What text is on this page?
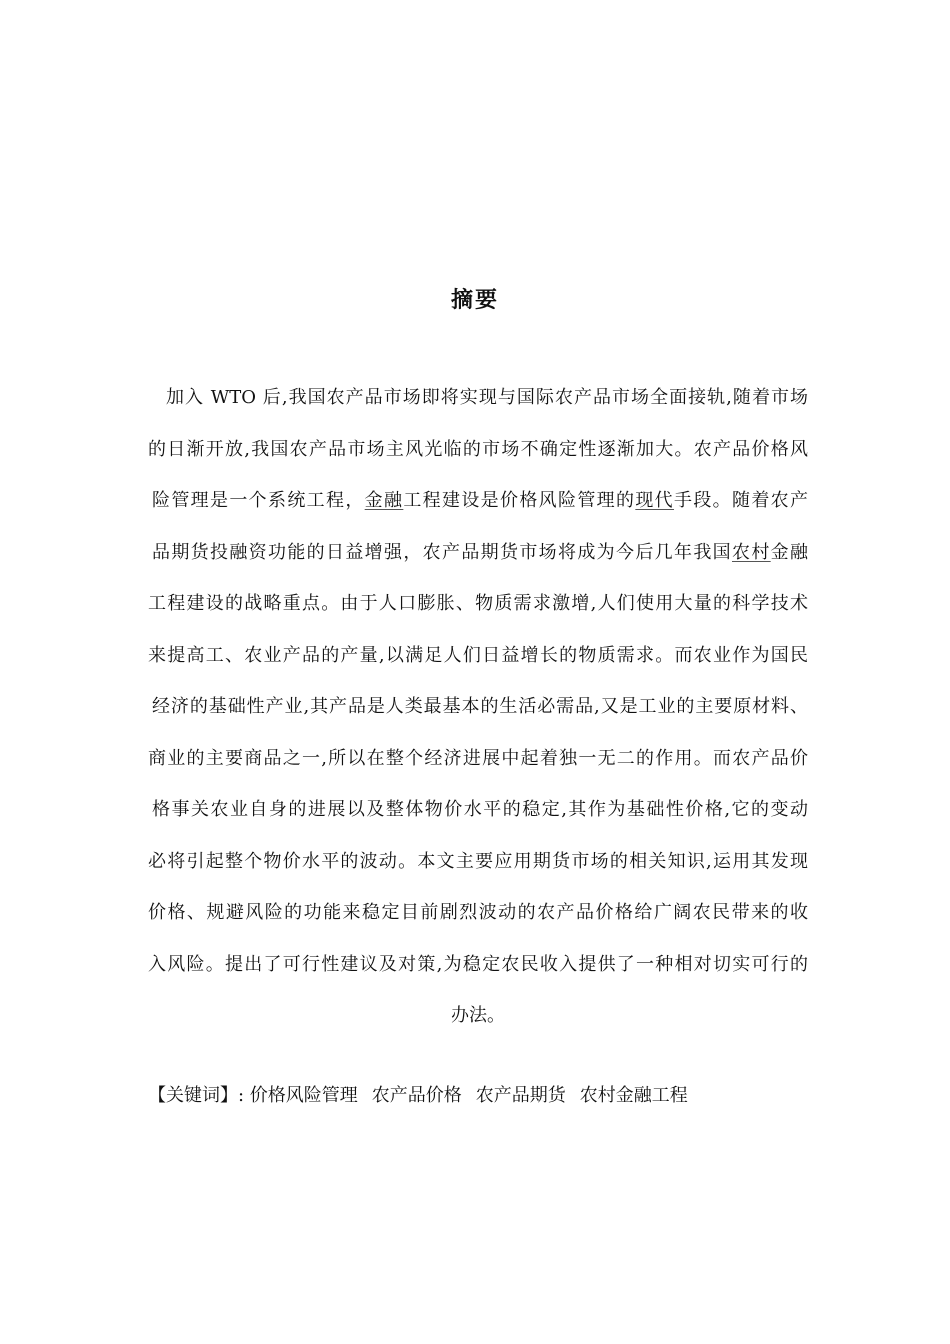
摘要
加入 WTO 后,我国农产品市场即将实现与国际农产品市场全面接轨,随着市场
的日渐开放,我国农产品市场主风光临的市场不确定性逐渐加大。农产品价格风
险管理是一个系统工程，金融工程建设是价格风险管理的现代手段。随着农产
品期货投融资功能的日益增强，农产品期货市场将成为今后几年我国农村金融
工程建设的战略重点。由于人口膨胀、物质需求激增,人们使用大量的科学技术
来提高工、农业产品的产量,以满足人们日益增长的物质需求。而农业作为国民
经济的基础性产业,其产品是人类最基本的生活必需品,又是工业的主要原材料、
商业的主要商品之一,所以在整个经济进展中起着独一无二的作用。而农产品价
格事关农业自身的进展以及整体物价水平的稳定,其作为基础性价格,它的变动
必将引起整个物价水平的波动。本文主要应用期货市场的相关知识,运用其发现
价格、规避风险的功能来稳定目前剧烈波动的农产品价格给广阔农民带来的收
入风险。提出了可行性建议及对策,为稳定农民收入提供了一种相对切实可行的
办法。
【关键词】: 价格风险管理 农产品价格 农产品期货 农村金融工程
